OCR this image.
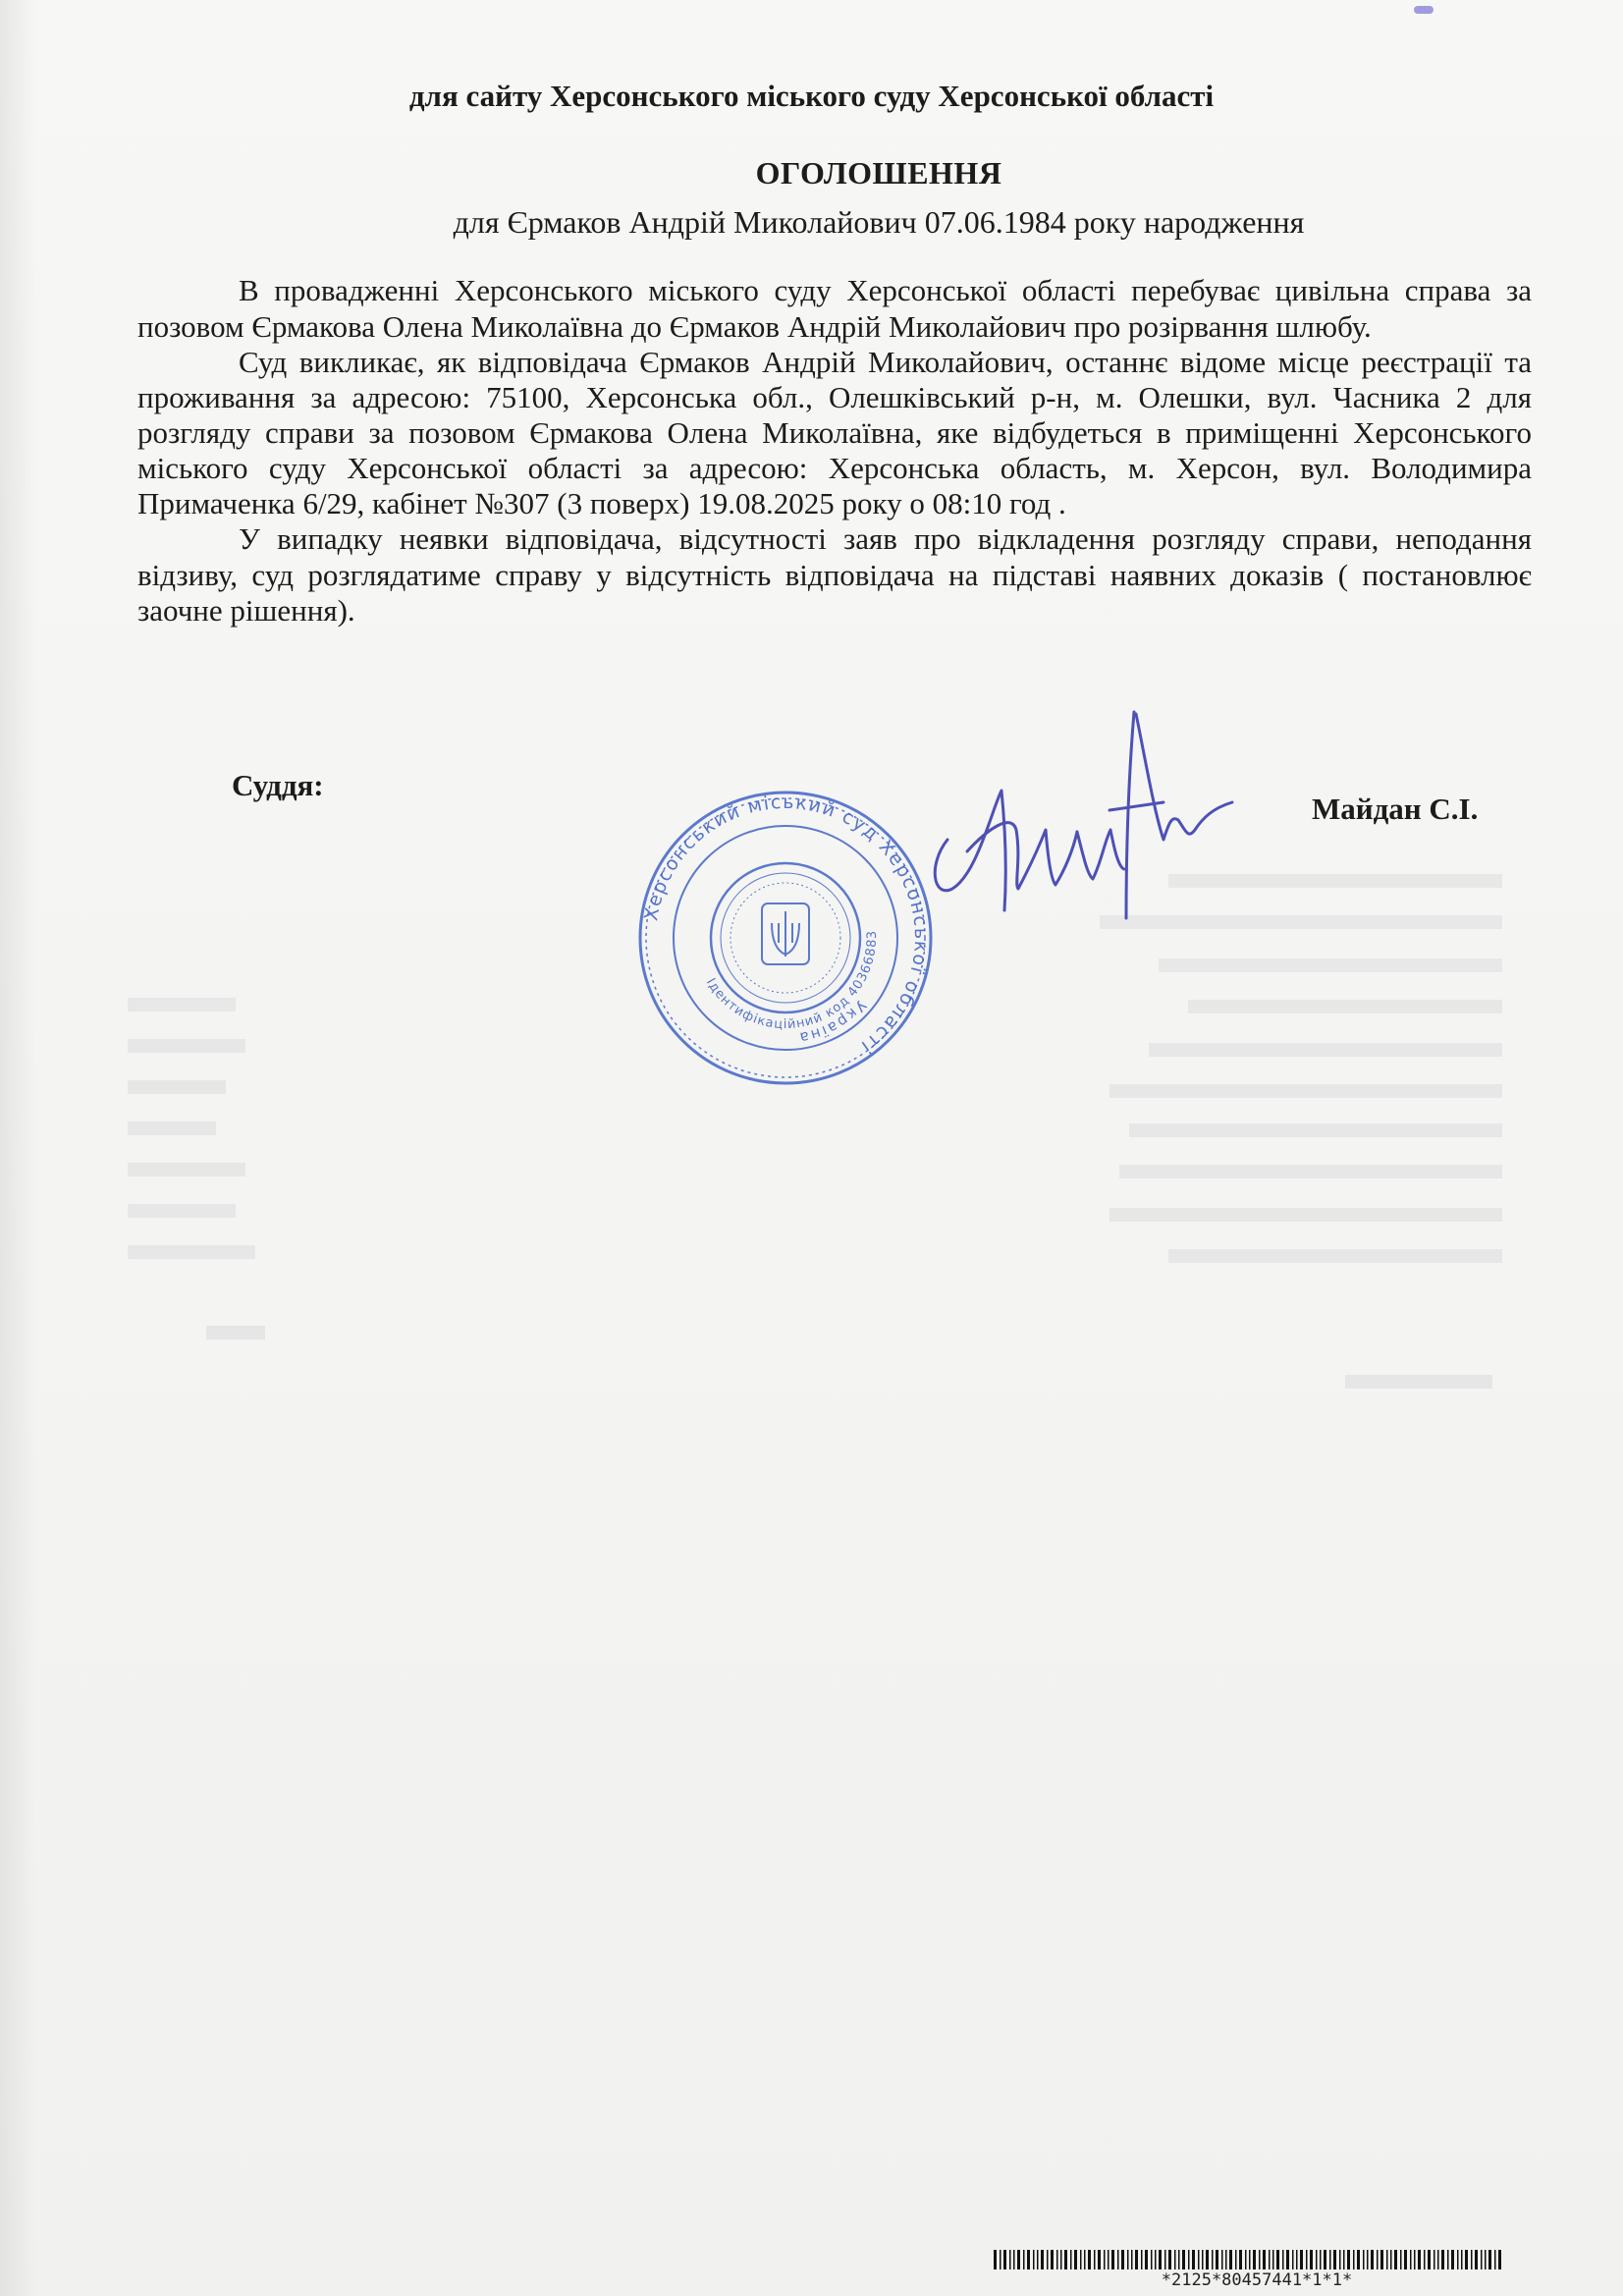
для сайту Херсонського міського суду Херсонської області
ОГОЛОШЕННЯ
для Єрмаков Андрій Миколайович 07.06.1984 року народження

В провадженні Херсонського міського суду Херсонської області перебуває цивільна справа за позовом Єрмакова Олена Миколаївна до Єрмаков Андрій Миколайович про розірвання шлюбу.

Суд викликає, як відповідача Єрмаков Андрій Миколайович, останнє відоме місце реєстрації та проживання за адресою: 75100, Херсонська обл., Олешківський р-н, м. Олешки, вул. Часника 2 для розгляду справи за позовом Єрмакова Олена Миколаївна, яке відбудеться в приміщенні Херсонського міського суду Херсонської області за адресою: Херсонська область, м. Херсон, вул. Володимира Примаченка 6/29, кабінет №307 (3 поверх) 19.08.2025 року о 08:10 год .

У випадку неявки відповідача, відсутності заяв про відкладення розгляду справи, неподання відзиву, суд розглядатиме справу у відсутність відповідача на підставі наявних доказів ( постановлює заочне рішення).

Суддя:
Майдан С.І.
Херсонський міський суд Херсонської області
Ідентифікаційний код 40366883
Україна
*2125*80457441*1*1*
